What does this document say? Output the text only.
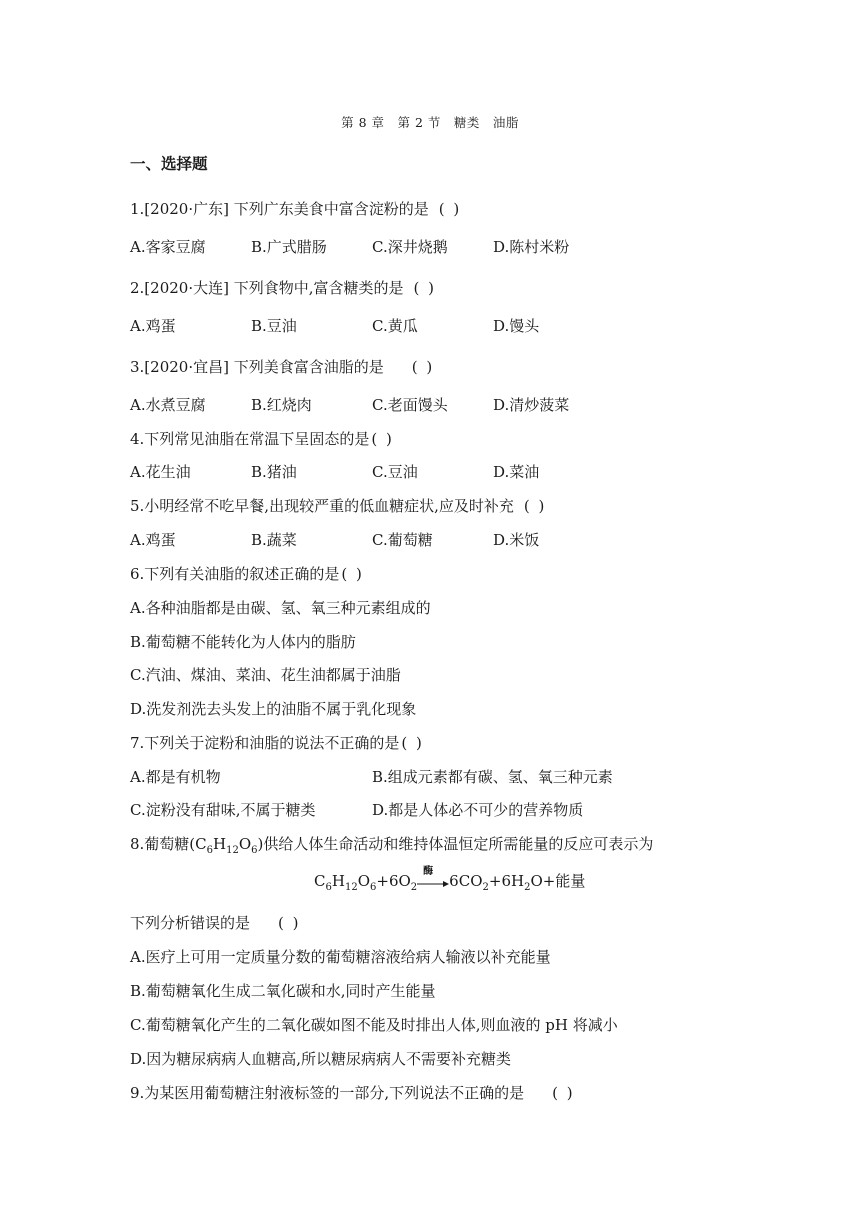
第 8 章　第 2 节　糖类　油脂
一、选择题
1.[2020·广东] 下列广东美食中富含淀粉的是 ( )
A.客家豆腐	B.广式腊肠	C.深井烧鹅	D.陈村米粉
2.[2020·大连] 下列食物中,富含糖类的是 ( )
A.鸡蛋	B.豆油	C.黄瓜	D.馒头
3.[2020·宜昌] 下列美食富含油脂的是 ( )
A.水煮豆腐	B.红烧肉	C.老面馒头	D.清炒菠菜
4.下列常见油脂在常温下呈固态的是 ( )
A.花生油	B.猪油	C.豆油	D.菜油
5.小明经常不吃早餐,出现较严重的低血糖症状,应及时补充 ( )
A.鸡蛋	B.蔬菜	C.葡萄糖	D.米饭
6.下列有关油脂的叙述正确的是 ( )
A.各种油脂都是由碳、氢、氧三种元素组成的
B.葡萄糖不能转化为人体内的脂肪
C.汽油、煤油、菜油、花生油都属于油脂
D.洗发剂洗去头发上的油脂不属于乳化现象
7.下列关于淀粉和油脂的说法不正确的是 ( )
A.都是有机物	B.组成元素都有碳、氢、氧三种元素
C.淀粉没有甜味,不属于糖类	D.都是人体必不可少的营养物质
8.葡萄糖$(C_6H_{12}O_6)$供给人体生命活动和维持体温恒定所需能量的反应可表示为
$C_6H_{12}O_6+6O_2$
酶
$6CO_2+6H_2O+$能量
下列分析错误的是 ( )
A.医疗上可用一定质量分数的葡萄糖溶液给病人输液以补充能量
B.葡萄糖氧化生成二氧化碳和水,同时产生能量
C.葡萄糖氧化产生的二氧化碳如图不能及时排出人体,则血液的 pH 将减小
D.因为糖尿病病人血糖高,所以糖尿病病人不需要补充糖类
9.为某医用葡萄糖注射液标签的一部分,下列说法不正确的是 ( )
